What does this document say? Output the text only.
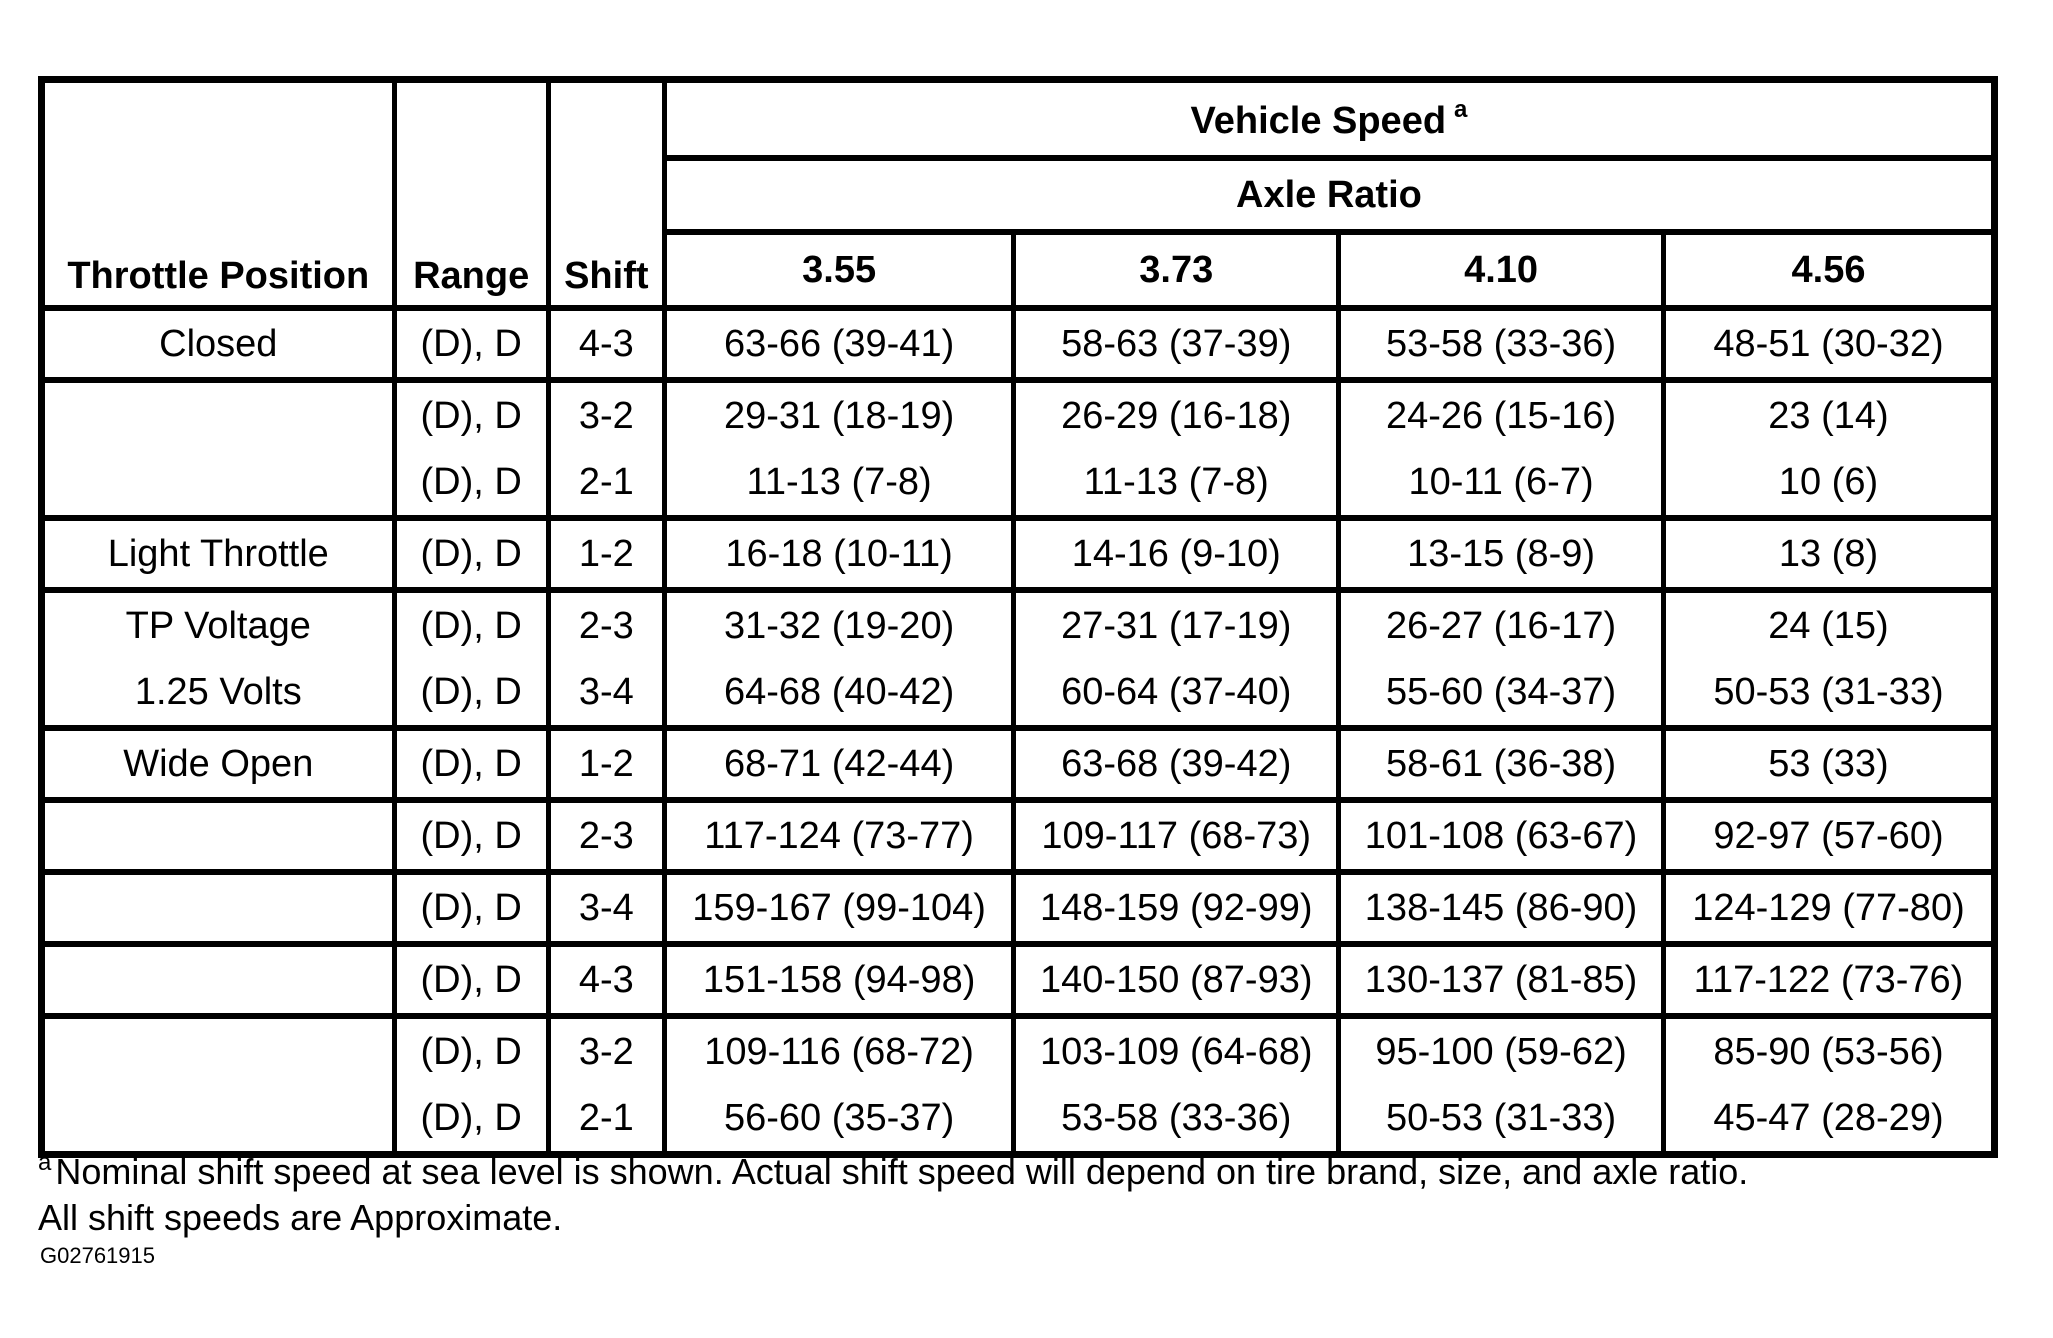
Throttle Position	Range	Shift	Vehicle Speed $^a$
			Axle Ratio			
			3.55	3.73	4.10	4.56
Closed	(D), D	4-3	63-66 (39-41)	58-63 (37-39)	53-58 (33-36)	48-51 (30-32)
	(D), D	3-2	29-31 (18-19)	26-29 (16-18)	24-26 (15-16)	23 (14)
	(D), D	2-1	11-13 (7-8)	11-13 (7-8)	10-11 (6-7)	10 (6)
Light Throttle	(D), D	1-2	16-18 (10-11)	14-16 (9-10)	13-15 (8-9)	13 (8)
TP Voltage	(D), D	2-3	31-32 (19-20)	27-31 (17-19)	26-27 (16-17)	24 (15)
1.25 Volts	(D), D	3-4	64-68 (40-42)	60-64 (37-40)	55-60 (34-37)	50-53 (31-33)
Wide Open	(D), D	1-2	68-71 (42-44)	63-68 (39-42)	58-61 (36-38)	53 (33)
	(D), D	2-3	117-124 (73-77)	109-117 (68-73)	101-108 (63-67)	92-97 (57-60)
	(D), D	3-4	159-167 (99-104)	148-159 (92-99)	138-145 (86-90)	124-129 (77-80)
	(D), D	4-3	151-158 (94-98)	140-150 (87-93)	130-137 (81-85)	117-122 (73-76)
	(D), D	3-2	109-116 (68-72)	103-109 (64-68)	95-100 (59-62)	85-90 (53-56)
	(D), D	2-1	56-60 (35-37)	53-58 (33-36)	50-53 (31-33)	45-47 (28-29)
$^a$ Nominal shift speed at sea level is shown. Actual shift speed will depend on tire brand, size, and axle ratio.
All shift speeds are Approximate.
G02761915
